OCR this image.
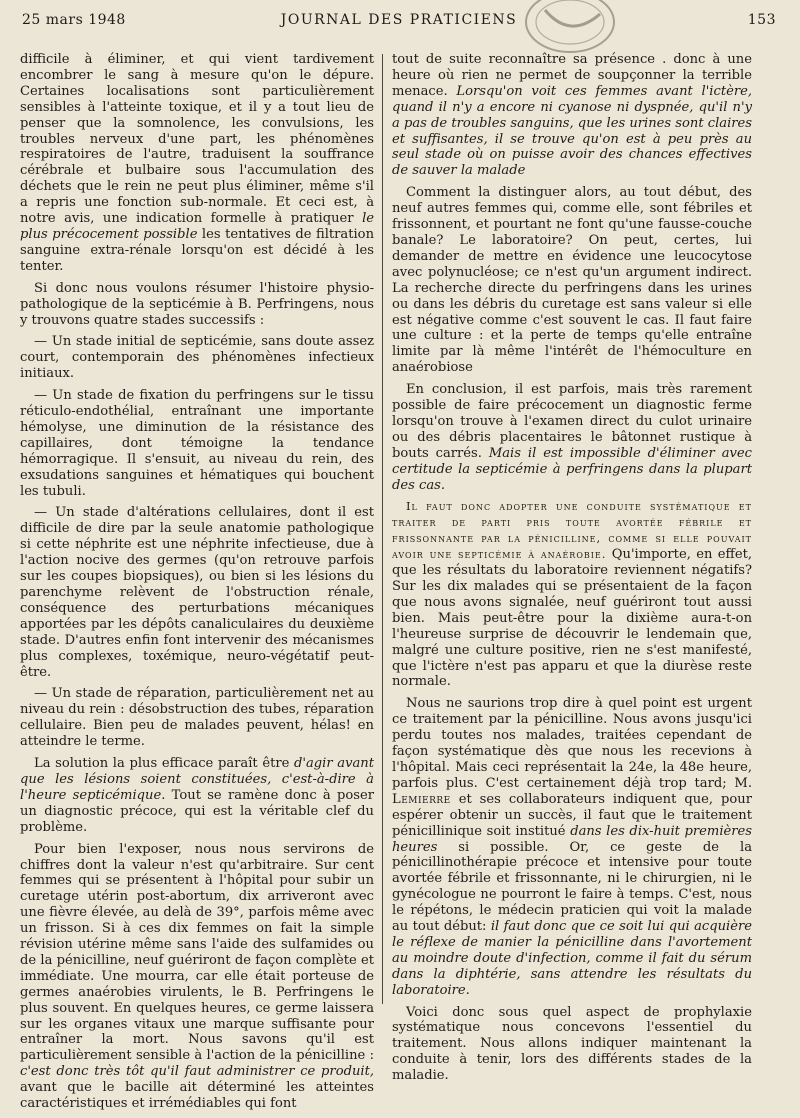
25 mars 1948	JOURNAL DES PRATICIENS	153

difficile à éliminer, et qui vient tardivement encombrer le sang à mesure qu'on le dépure. Certaines localisations sont particulièrement sensibles à l'atteinte toxique, et il y a tout lieu de penser que la somnolence, les convulsions, les troubles nerveux d'une part, les phénomènes respiratoires de l'autre, traduisent la souffrance cérébrale et bulbaire sous l'accumulation des déchets que le rein ne peut plus éliminer, même s'il a repris une fonction sub-normale. Et ceci est, à notre avis, une indication formelle à pratiquer le plus précocement possible les tentatives de filtration sanguine extra-rénale lorsqu'on est décidé à les tenter.

Si donc nous voulons résumer l'histoire physio-pathologique de la septicémie à B. Perfringens, nous y trouvons quatre stades successifs :

— Un stade initial de septicémie, sans doute assez court, contemporain des phénomènes infectieux initiaux.

— Un stade de fixation du perfringens sur le tissu réticulo-endothélial, entraînant une importante hémolyse, une diminution de la résistance des capillaires, dont témoigne la tendance hémorragique. Il s'ensuit, au niveau du rein, des exsudations sanguines et hématiques qui bouchent les tubuli.

— Un stade d'altérations cellulaires, dont il est difficile de dire par la seule anatomie pathologique si cette néphrite est une néphrite infectieuse, due à l'action nocive des germes (qu'on retrouve parfois sur les coupes biopsiques), ou bien si les lésions du parenchyme relèvent de l'obstruction rénale, conséquence des perturbations mécaniques apportées par les dépôts canaliculaires du deuxième stade. D'autres enfin font intervenir des mécanismes plus complexes, toxémique, neuro-végétatif peut-être.

— Un stade de réparation, particulièrement net au niveau du rein : désobstruction des tubes, réparation cellulaire. Bien peu de malades peuvent, hélas! en atteindre le terme.

La solution la plus efficace paraît être d'agir avant que les lésions soient constituées, c'est-à-dire à l'heure septicémique. Tout se ramène donc à poser un diagnostic précoce, qui est la véritable clef du problème.

Pour bien l'exposer, nous nous servirons de chiffres dont la valeur n'est qu'arbitraire. Sur cent femmes qui se présentent à l'hôpital pour subir un curetage utérin post-abortum, dix arriveront avec une fièvre élevée, au delà de 39°, parfois même avec un frisson. Si à ces dix femmes on fait la simple révision utérine même sans l'aide des sulfamides ou de la pénicilline, neuf guériront de façon complète et immédiate. Une mourra, car elle était porteuse de germes anaérobies virulents, le B. Perfringens le plus souvent. En quelques heures, ce germe laissera sur les organes vitaux une marque suffisante pour entraîner la mort. Nous savons qu'il est particulièrement sensible à l'action de la pénicilline : c'est donc très tôt qu'il faut administrer ce produit, avant que le bacille ait déterminé les atteintes caractéristiques et irrémédiables qui font

tout de suite reconnaître sa présence . donc à une heure où rien ne permet de soupçonner la terrible menace. Lorsqu'on voit ces femmes avant l'ictère, quand il n'y a encore ni cyanose ni dyspnée, qu'il n'y a pas de troubles sanguins, que les urines sont claires et suffisantes, il se trouve qu'on est à peu près au seul stade où on puisse avoir des chances effectives de sauver la malade

Comment la distinguer alors, au tout début, des neuf autres femmes qui, comme elle, sont fébriles et frissonnent, et pourtant ne font qu'une fausse-couche banale? Le laboratoire? On peut, certes, lui demander de mettre en évidence une leucocytose avec polynucléose; ce n'est qu'un argument indirect. La recherche directe du perfringens dans les urines ou dans les débris du curetage est sans valeur si elle est négative comme c'est souvent le cas. Il faut faire une culture : et la perte de temps qu'elle entraîne limite par là même l'intérêt de l'hémoculture en anaérobiose

En conclusion, il est parfois, mais très rarement possible de faire précocement un diagnostic ferme lorsqu'on trouve à l'examen direct du culot urinaire ou des débris placentaires le bâtonnet rustique à bouts carrés. Mais il est impossible d'éliminer avec certitude la septicémie à perfringens dans la plupart des cas.

Il faut donc adopter une conduite systématique et traiter de parti pris toute avortée fébrile et frissonnante par la pénicilline, comme si elle pouvait avoir une septicémie à anaérobie. Qu'importe, en effet, que les résultats du laboratoire reviennent négatifs? Sur les dix malades qui se présentaient de la façon que nous avons signalée, neuf guériront tout aussi bien. Mais peut-être pour la dixième aura-t-on l'heureuse surprise de découvrir le lendemain que, malgré une culture positive, rien ne s'est manifesté, que l'ictère n'est pas apparu et que la diurèse reste normale.

Nous ne saurions trop dire à quel point est urgent ce traitement par la pénicilline. Nous avons jusqu'ici perdu toutes nos malades, traitées cependant de façon systématique dès que nous les recevions à l'hôpital. Mais ceci représentait la 24e, la 48e heure, parfois plus. C'est certainement déjà trop tard; M. Lemierre et ses collaborateurs indiquent que, pour espérer obtenir un succès, il faut que le traitement pénicillinique soit institué dans les dix-huit premières heures si possible. Or, ce geste de la pénicillinothérapie précoce et intensive pour toute avortée fébrile et frissonnante, ni le chirurgien, ni le gynécologue ne pourront le faire à temps. C'est, nous le répétons, le médecin praticien qui voit la malade au tout début: il faut donc que ce soit lui qui acquière le réflexe de manier la pénicilline dans l'avortement au moindre doute d'infection, comme il fait du sérum dans la diphtérie, sans attendre les résultats du laboratoire.

Voici donc sous quel aspect de prophylaxie systématique nous concevons l'essentiel du traitement. Nous allons indiquer maintenant la conduite à tenir, lors des différents stades de la maladie.
